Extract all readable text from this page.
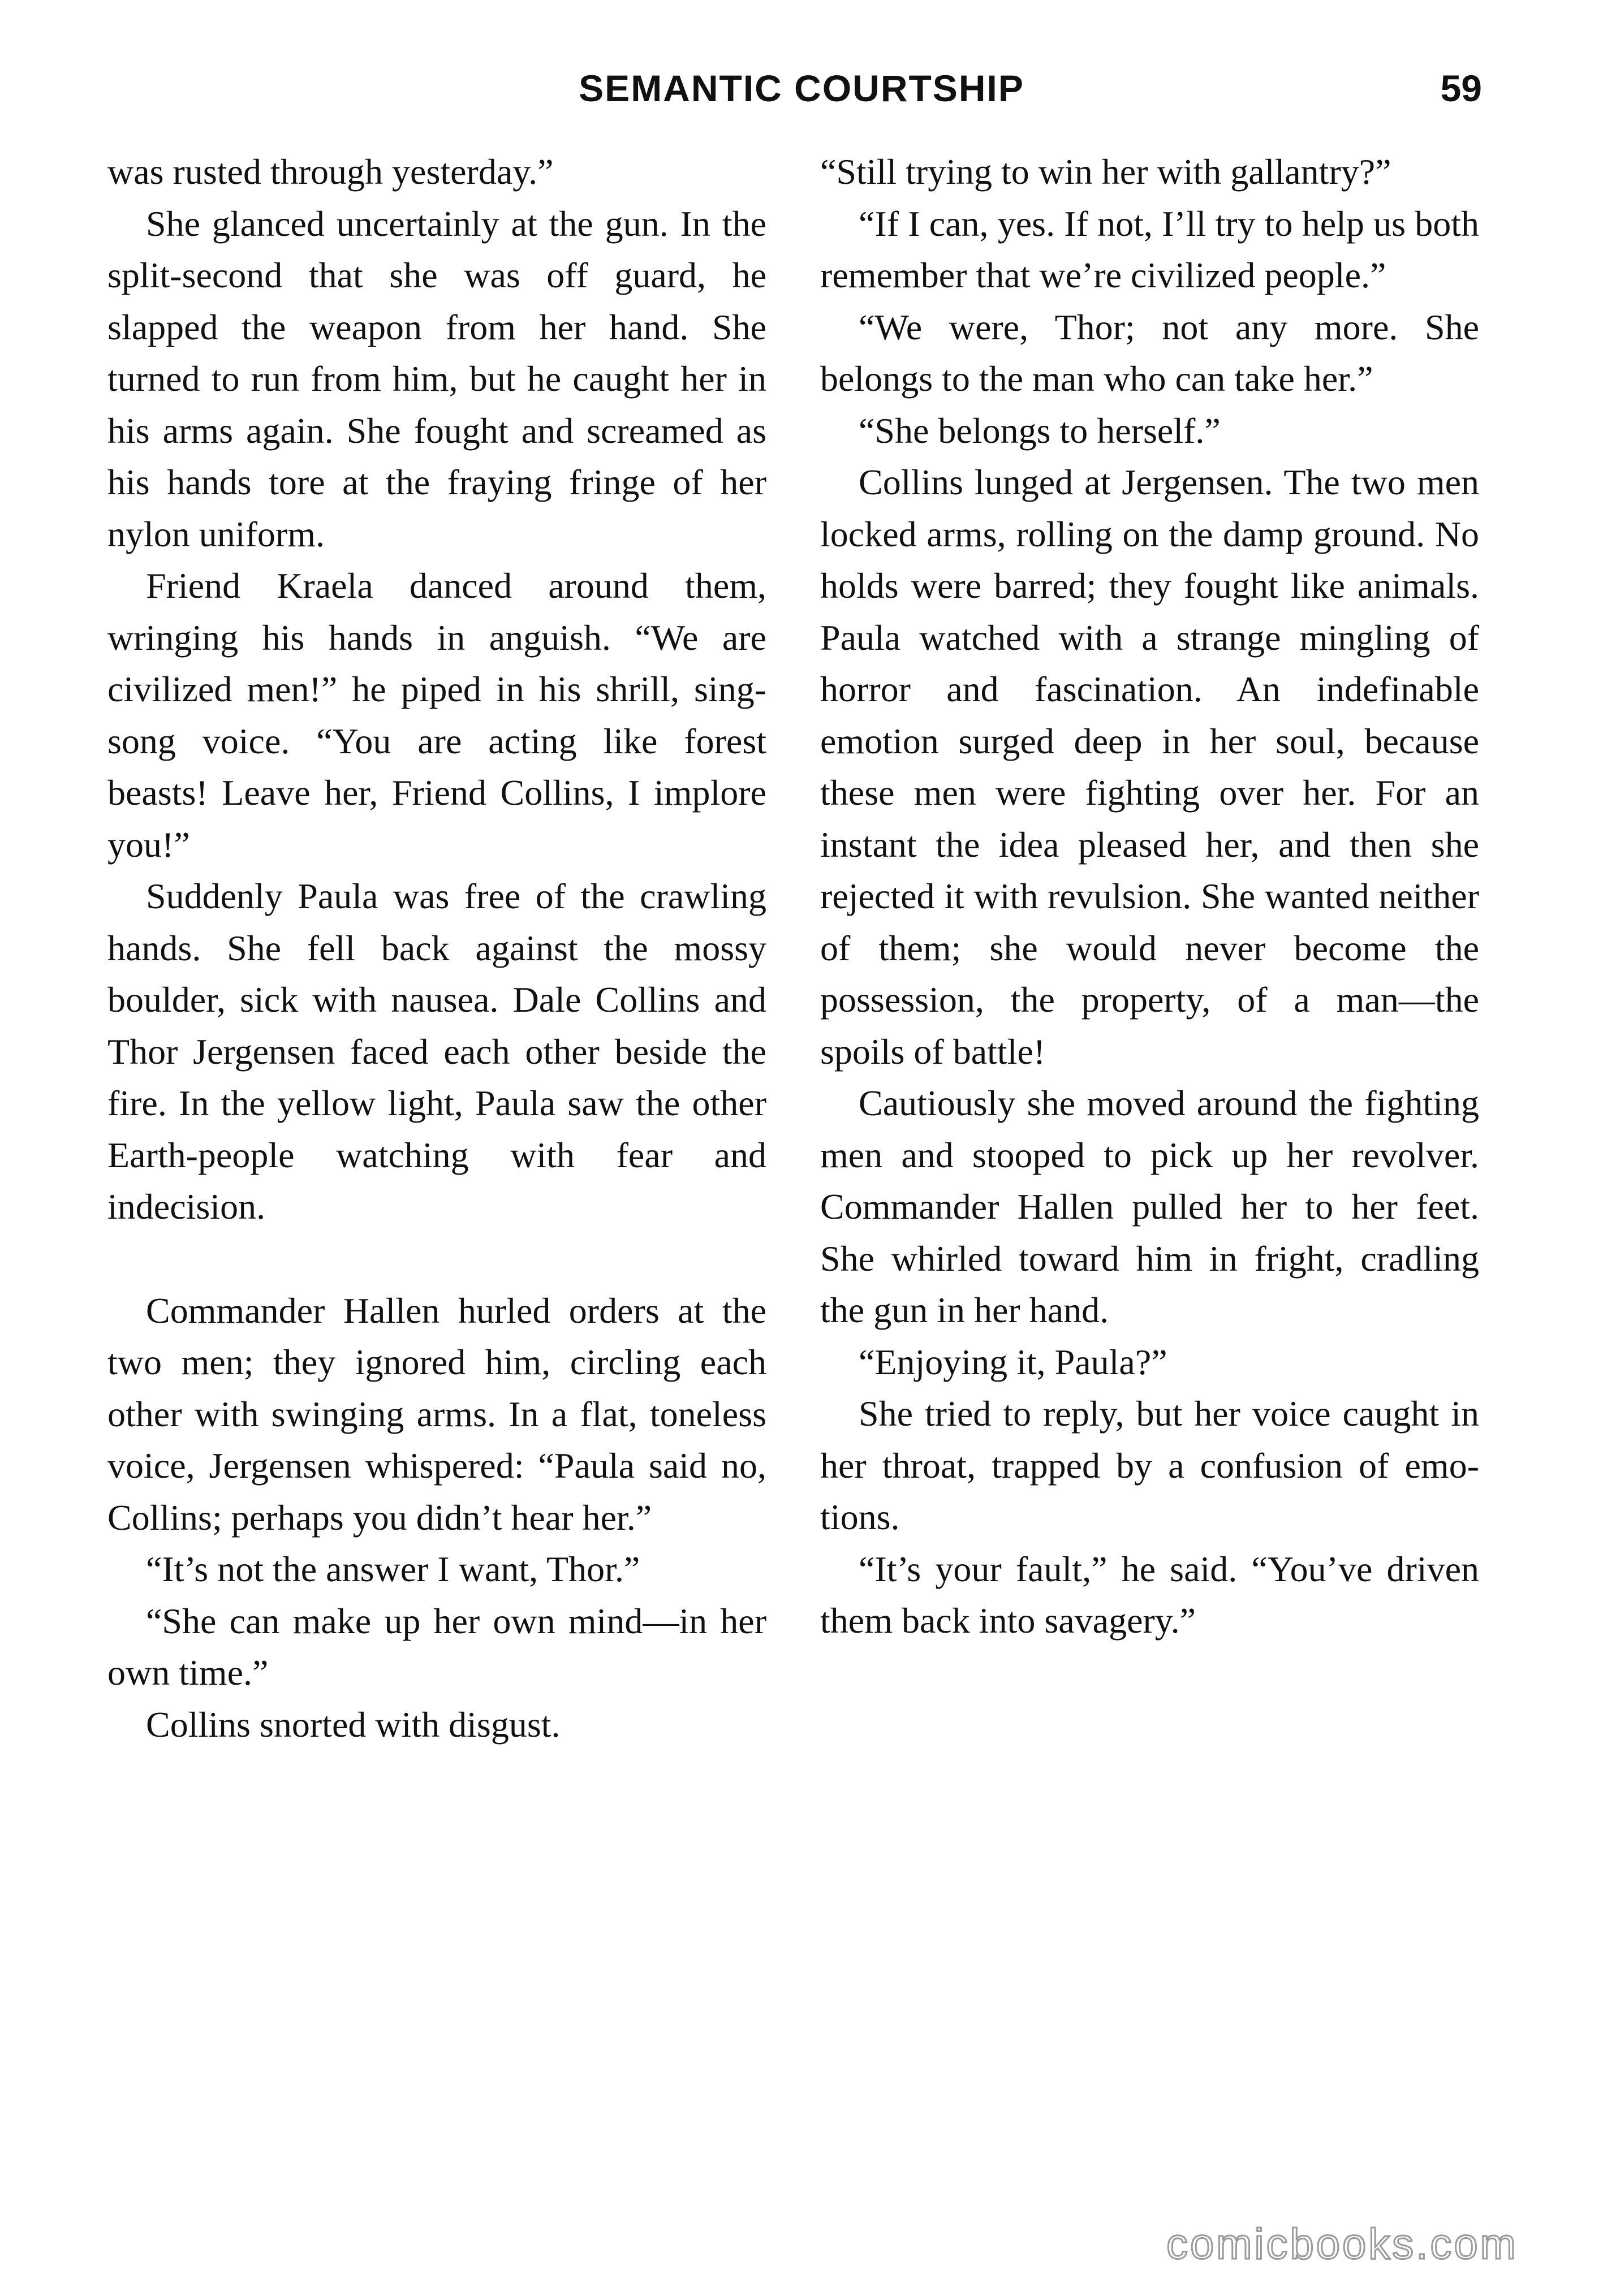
SEMANTIC COURTSHIP	59

was rusted through yesterday.”

She glanced uncertainly at the gun. In the split-second that she was off guard, he slapped the weapon from her hand. She turned to run from him, but he caught her in his arms again. She fought and screamed as his hands tore at the fraying fringe of her nylon uniform.

Friend Kraela danced around them, wringing his hands in anguish. “We are civilized men!” he piped in his shrill, sing-song voice. “You are acting like forest beasts! Leave her, Friend Collins, I implore you!”

Suddenly Paula was free of the crawling hands. She fell back against the mossy boulder, sick with nausea. Dale Collins and Thor Jergensen faced each other beside the fire. In the yellow light, Paula saw the other Earth-people watching with fear and indecision.

Commander Hallen hurled orders at the two men; they ignored him, circling each other with swinging arms. In a flat, toneless voice, Jergensen whispered: “Paula said no, Collins; perhaps you didn’t hear her.”

“It’s not the answer I want, Thor.”

“She can make up her own mind—in her own time.”

Collins snorted with disgust.

“Still trying to win her with gallantry?”

“If I can, yes. If not, I’ll try to help us both remember that we’re civilized people.”

“We were, Thor; not any more. She belongs to the man who can take her.”

“She belongs to herself.”

Collins lunged at Jergensen. The two men locked arms, rolling on the damp ground. No holds were barred; they fought like animals. Paula watched with a strange mingling of horror and fascination. An indefinable emotion surged deep in her soul, because these men were fighting over her. For an instant the idea pleased her, and then she rejected it with revulsion. She wanted neither of them; she would never become the possession, the property, of a man—the spoils of battle!

Cautiously she moved around the fighting men and stooped to pick up her revolver. Commander Hallen pulled her to her feet. She whirled toward him in fright, cradling the gun in her hand.

“Enjoying it, Paula?”

She tried to reply, but her voice caught in her throat, trapped by a confusion of emotions.

“It’s your fault,” he said. “You’ve driven them back into savagery.”

comicbooks.com
